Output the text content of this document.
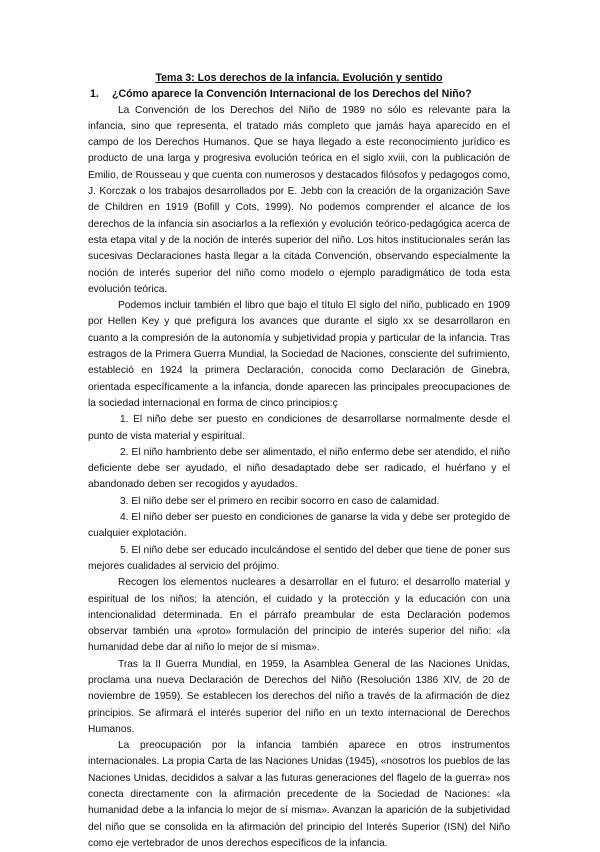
Tema 3: Los derechos de la infancia. Evolución y sentido

1. ¿Cómo aparece la Convención Internacional de los Derechos del Niño?

La Convención de los Derechos del Niño de 1989 no sólo es relevante para la infancia, sino que representa, el tratado más completo que jamás haya aparecido en el campo de los Derechos Humanos. Que se haya llegado a este reconocimiento jurídico es producto de una larga y progresiva evolución teórica en el siglo xviii, con la publicación de Emilio, de Rousseau y que cuenta con numerosos y destacados filósofos y pedagogos como, J. Korczak o los trabajos desarrollados por E. Jebb con la creación de la organización Save de Children en 1919 (Bofill y Cots, 1999). No podemos comprender el alcance de los derechos de la infancia sin asociarlos a la reflexión y evolución teórico-pedagógica acerca de esta etapa vital y de la noción de interés superior del niño. Los hitos institucionales serán las sucesivas Declaraciones hasta llegar a la citada Convención, observando especialmente la noción de interés superior del niño como modelo o ejemplo paradigmático de toda esta evolución teórica.

Podemos incluir también el libro que bajo el título El siglo del niño, publicado en 1909 por Hellen Key y que prefigura los avances que durante el siglo xx se desarrollaron en cuanto a la compresión de la autonomía y subjetividad propia y particular de la infancia. Tras estragos de la Primera Guerra Mundial, la Sociedad de Naciones, consciente del sufrimiento, estableció en 1924 la primera Declaración, conocida como Declaración de Ginebra, orientada específicamente a la infancia, donde aparecen las principales preocupaciones de la sociedad internacional en forma de cinco principios:ç

1. El niño debe ser puesto en condiciones de desarrollarse normalmente desde el punto de vista material y espiritual.

2. El niño hambriento debe ser alimentado, el niño enfermo debe ser atendido, el niño deficiente debe ser ayudado, el niño desadaptado debe ser radicado, el huérfano y el abandonado deben ser recogidos y ayudados.

3. El niño debe ser el primero en recibir socorro en caso de calamidad.

4. El niño deber ser puesto en condiciones de ganarse la vida y debe ser protegido de cualquier explotación.

5. El niño debe ser educado inculcándose el sentido del deber que tiene de poner sus mejores cualidades al servicio del prójimo.

Recogen los elementos nucleares a desarrollar en el futuro: el desarrollo material y espiritual de los niños; la atención, el cuidado y la protección y la educación con una intencionalidad determinada. En el párrafo preambular de esta Declaración podemos observar también una «proto» formulación del principio de interés superior del niño: «la humanidad debe dar al niño lo mejor de sí misma».

Tras la II Guerra Mundial, en 1959, la Asamblea General de las Naciones Unidas, proclama una nueva Declaración de Derechos del Niño (Resolución 1386 XIV, de 20 de noviembre de 1959). Se establecen los derechos del niño a través de la afirmación de diez principios. Se afirmará el interés superior del niño en un texto internacional de Derechos Humanos.

La preocupación por la infancia también aparece en otros instrumentos internacionales. La propia Carta de las Naciones Unidas (1945), «nosotros los pueblos de las Naciones Unidas, decididos a salvar a las futuras generaciones del flagelo de la guerra» nos conecta directamente con la afirmación precedente de la Sociedad de Naciones: «la humanidad debe a la infancia lo mejor de sí misma». Avanzan la aparición de la subjetividad del niño que se consolida en la afirmación del principio del Interés Superior (ISN) del Niño como eje vertebrador de unos derechos específicos de la infancia.
